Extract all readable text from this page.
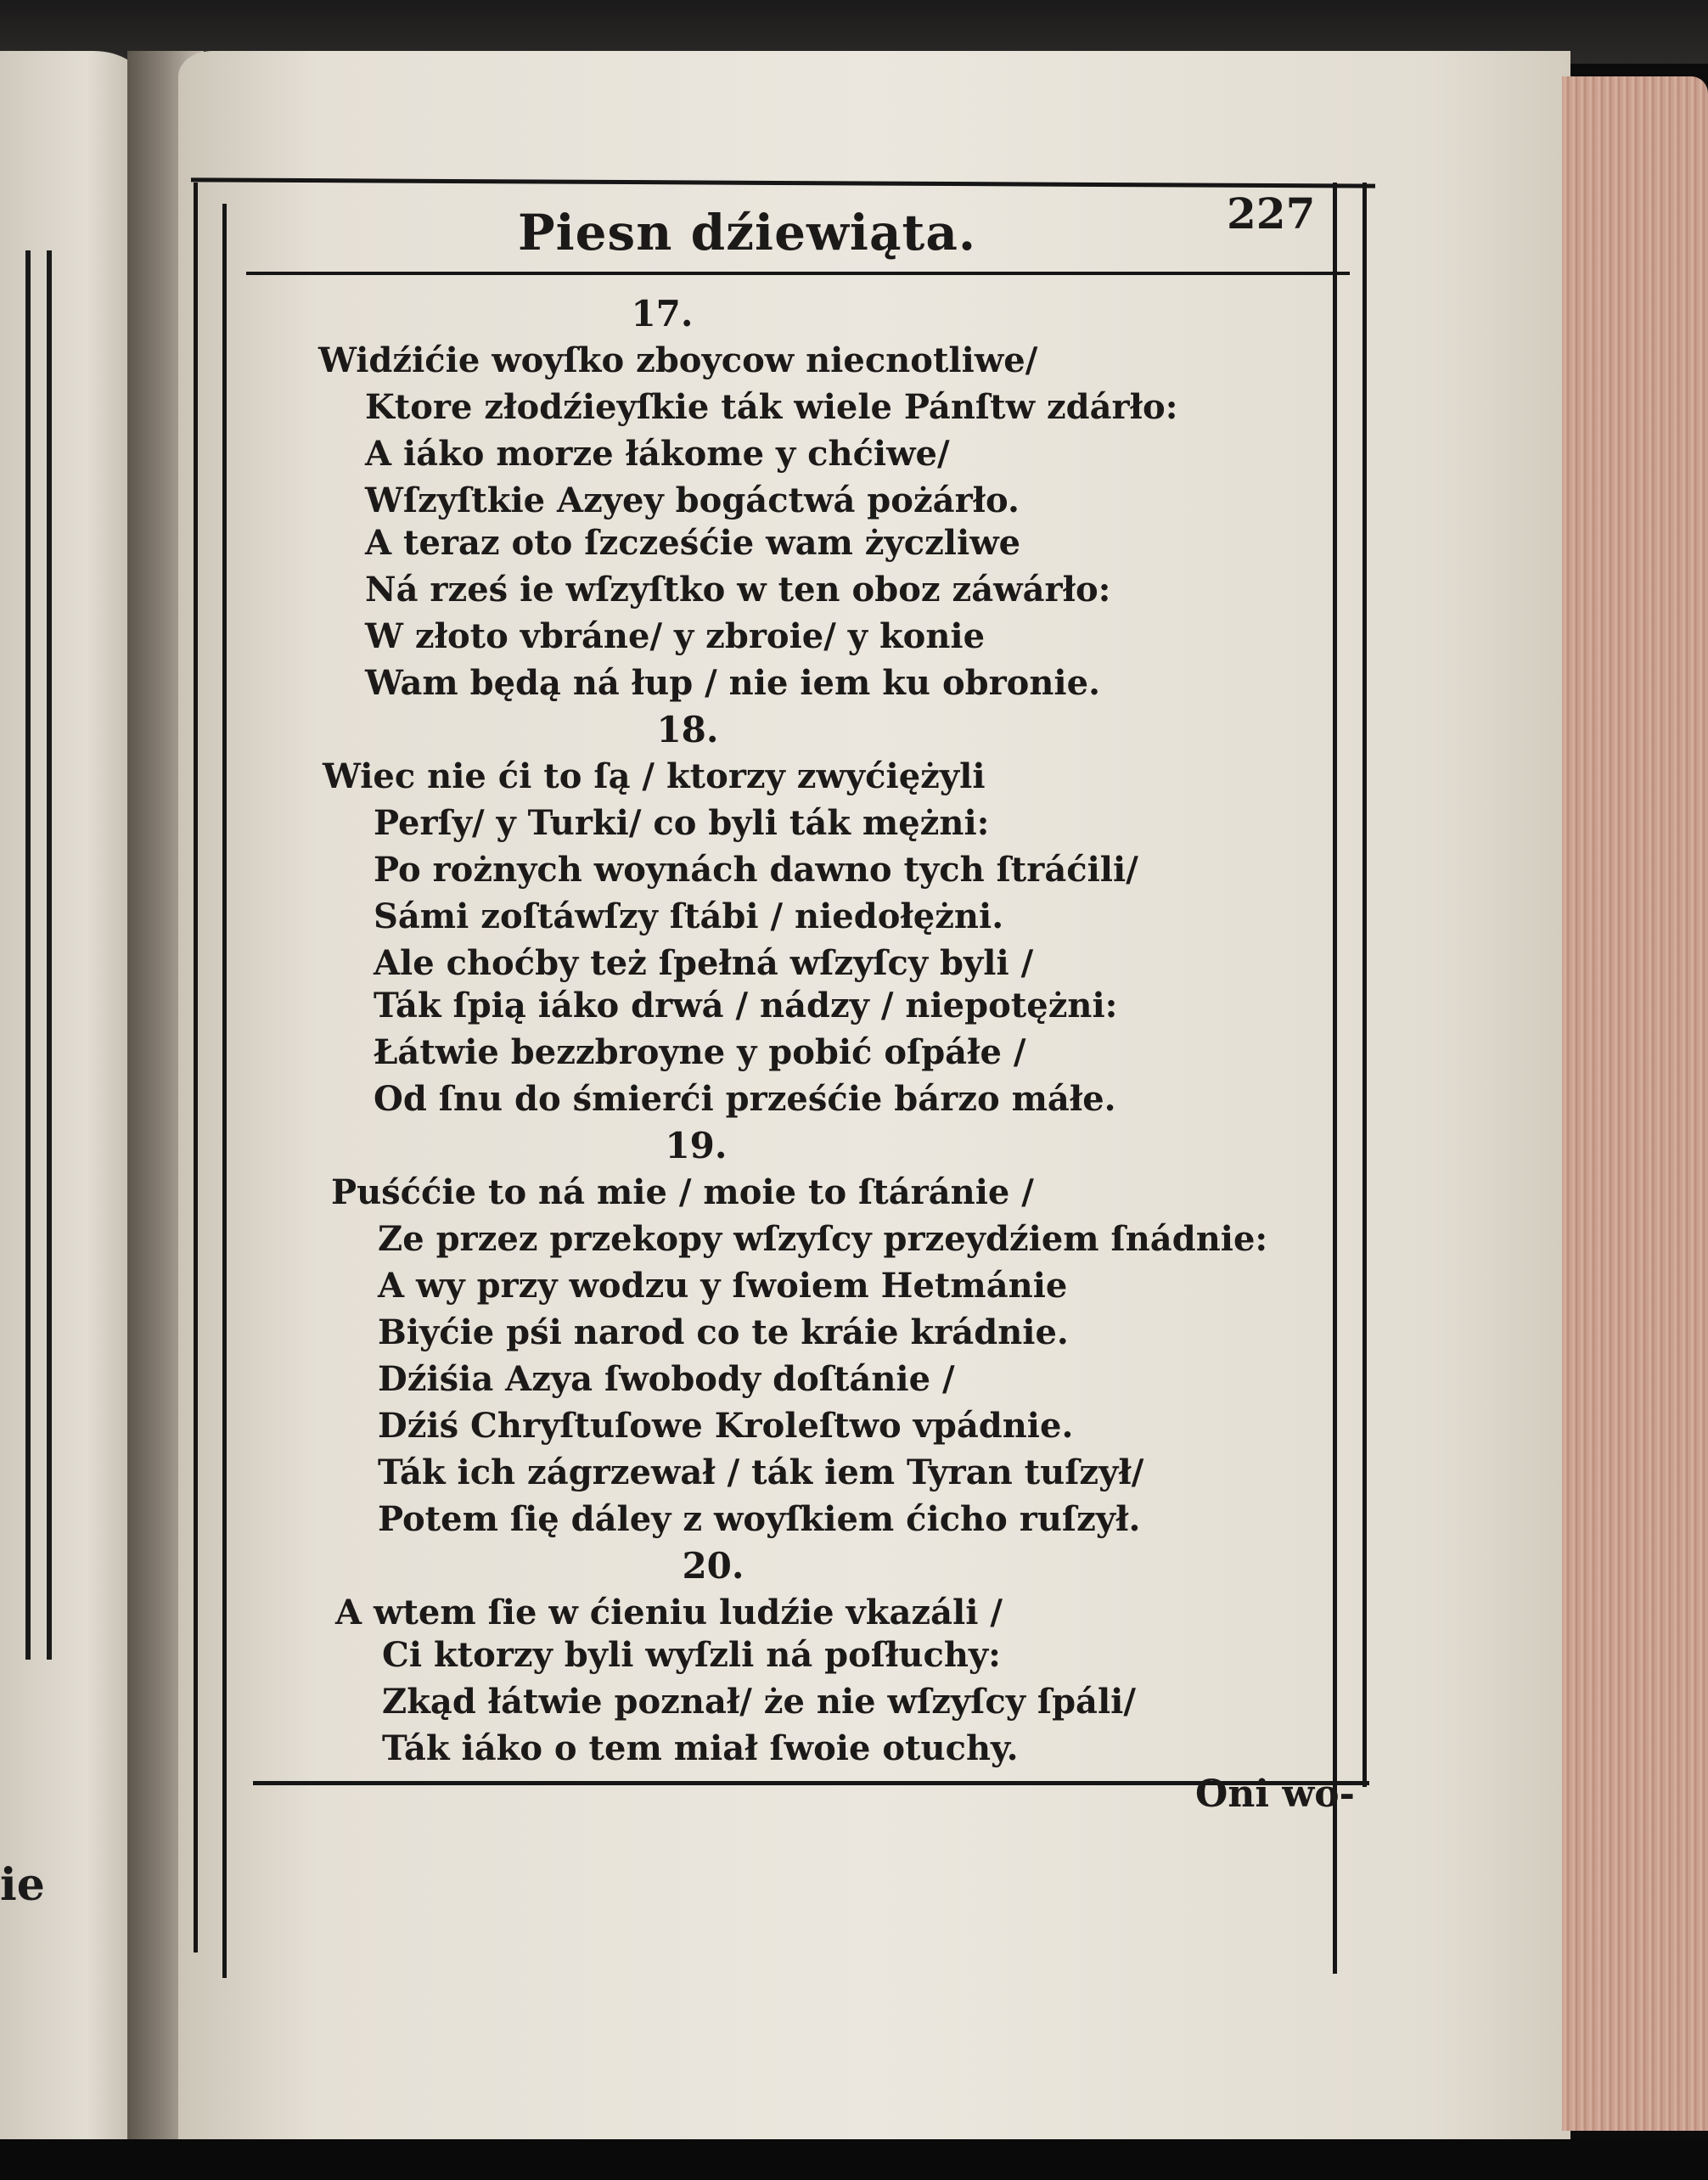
ie
Piesn dźiewiąta.	227
17.
Widźićie woyſko zboycow niecnotliwe/
Ktore złodźieyſkie ták wiele Pánſtw zdárło:
A iáko morze łákome y chćiwe/
Wſzyſtkie Azyey bogáctwá pożárło.
A teraz oto ſzcześćie wam życzliwe
Ná rześ ie wſzyſtko w ten oboz záwárło:
W złoto vbráne/ y zbroie/ y konie
Wam będą ná łup / nie iem ku obronie.
18.
Wiec nie ći to ſą / ktorzy zwyćiężyli
Perſy/ y Turki/ co byli ták mężni:
Po rożnych woynách dawno tych ſtráćili/
Sámi zoſtáwſzy ſtábi / niedołężni.
Ale choćby też ſpełná wſzyſcy byli /
Ták ſpią iáko drwá / nádzy / niepotężni:
Łátwie bezzbroyne y pobić oſpáłe /
Od ſnu do śmierći prześćie bárzo máłe.
19.
Puśććie to ná mie / moie to ſtáránie /
Ze przez przekopy wſzyſcy przeydźiem ſnádnie:
A wy przy wodzu y ſwoiem Hetmánie
Biyćie pśi narod co te kráie krádnie.
Dźiśia Azya ſwobody doſtánie /
Dźiś Chryſtuſowe Kroleſtwo vpádnie.
Ták ich zágrzewał / ták iem Tyran tuſzył/
Potem ſię dáley z woyſkiem ćicho ruſzył.
20.
A wtem ſie w ćieniu ludźie vkazáli /
Ci ktorzy byli wyſzli ná poſłuchy:
Zkąd łátwie poznał/ że nie wſzyſcy ſpáli/
Ták iáko o tem miał ſwoie otuchy.
Oni wo-
